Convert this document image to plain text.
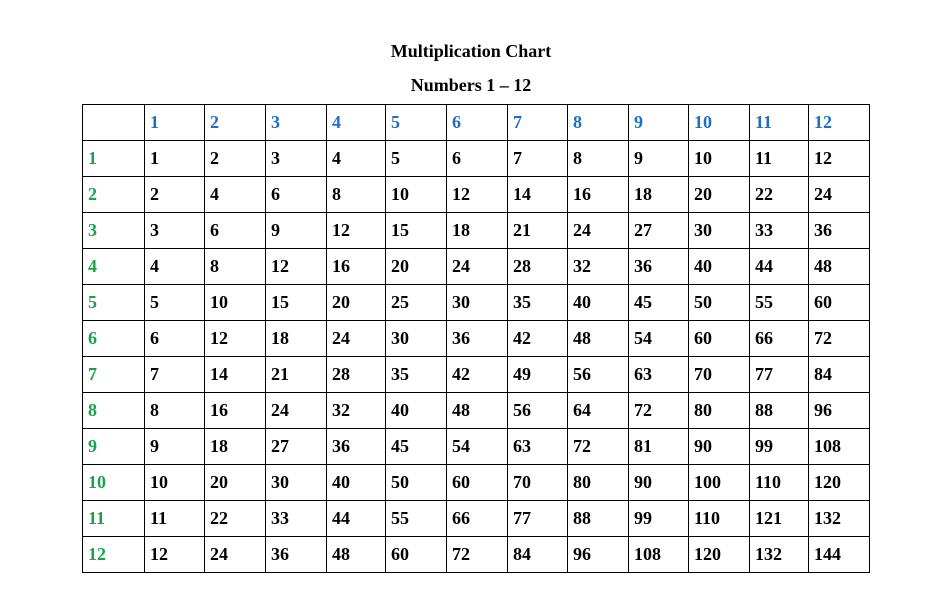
Multiplication Chart
Numbers 1 – 12
	1	2	3	4	5	6	7	8	9	10	11	12
1	1	2	3	4	5	6	7	8	9	10	11	12
2	2	4	6	8	10	12	14	16	18	20	22	24
3	3	6	9	12	15	18	21	24	27	30	33	36
4	4	8	12	16	20	24	28	32	36	40	44	48
5	5	10	15	20	25	30	35	40	45	50	55	60
6	6	12	18	24	30	36	42	48	54	60	66	72
7	7	14	21	28	35	42	49	56	63	70	77	84
8	8	16	24	32	40	48	56	64	72	80	88	96
9	9	18	27	36	45	54	63	72	81	90	99	108
10	10	20	30	40	50	60	70	80	90	100	110	120
11	11	22	33	44	55	66	77	88	99	110	121	132
12	12	24	36	48	60	72	84	96	108	120	132	144
